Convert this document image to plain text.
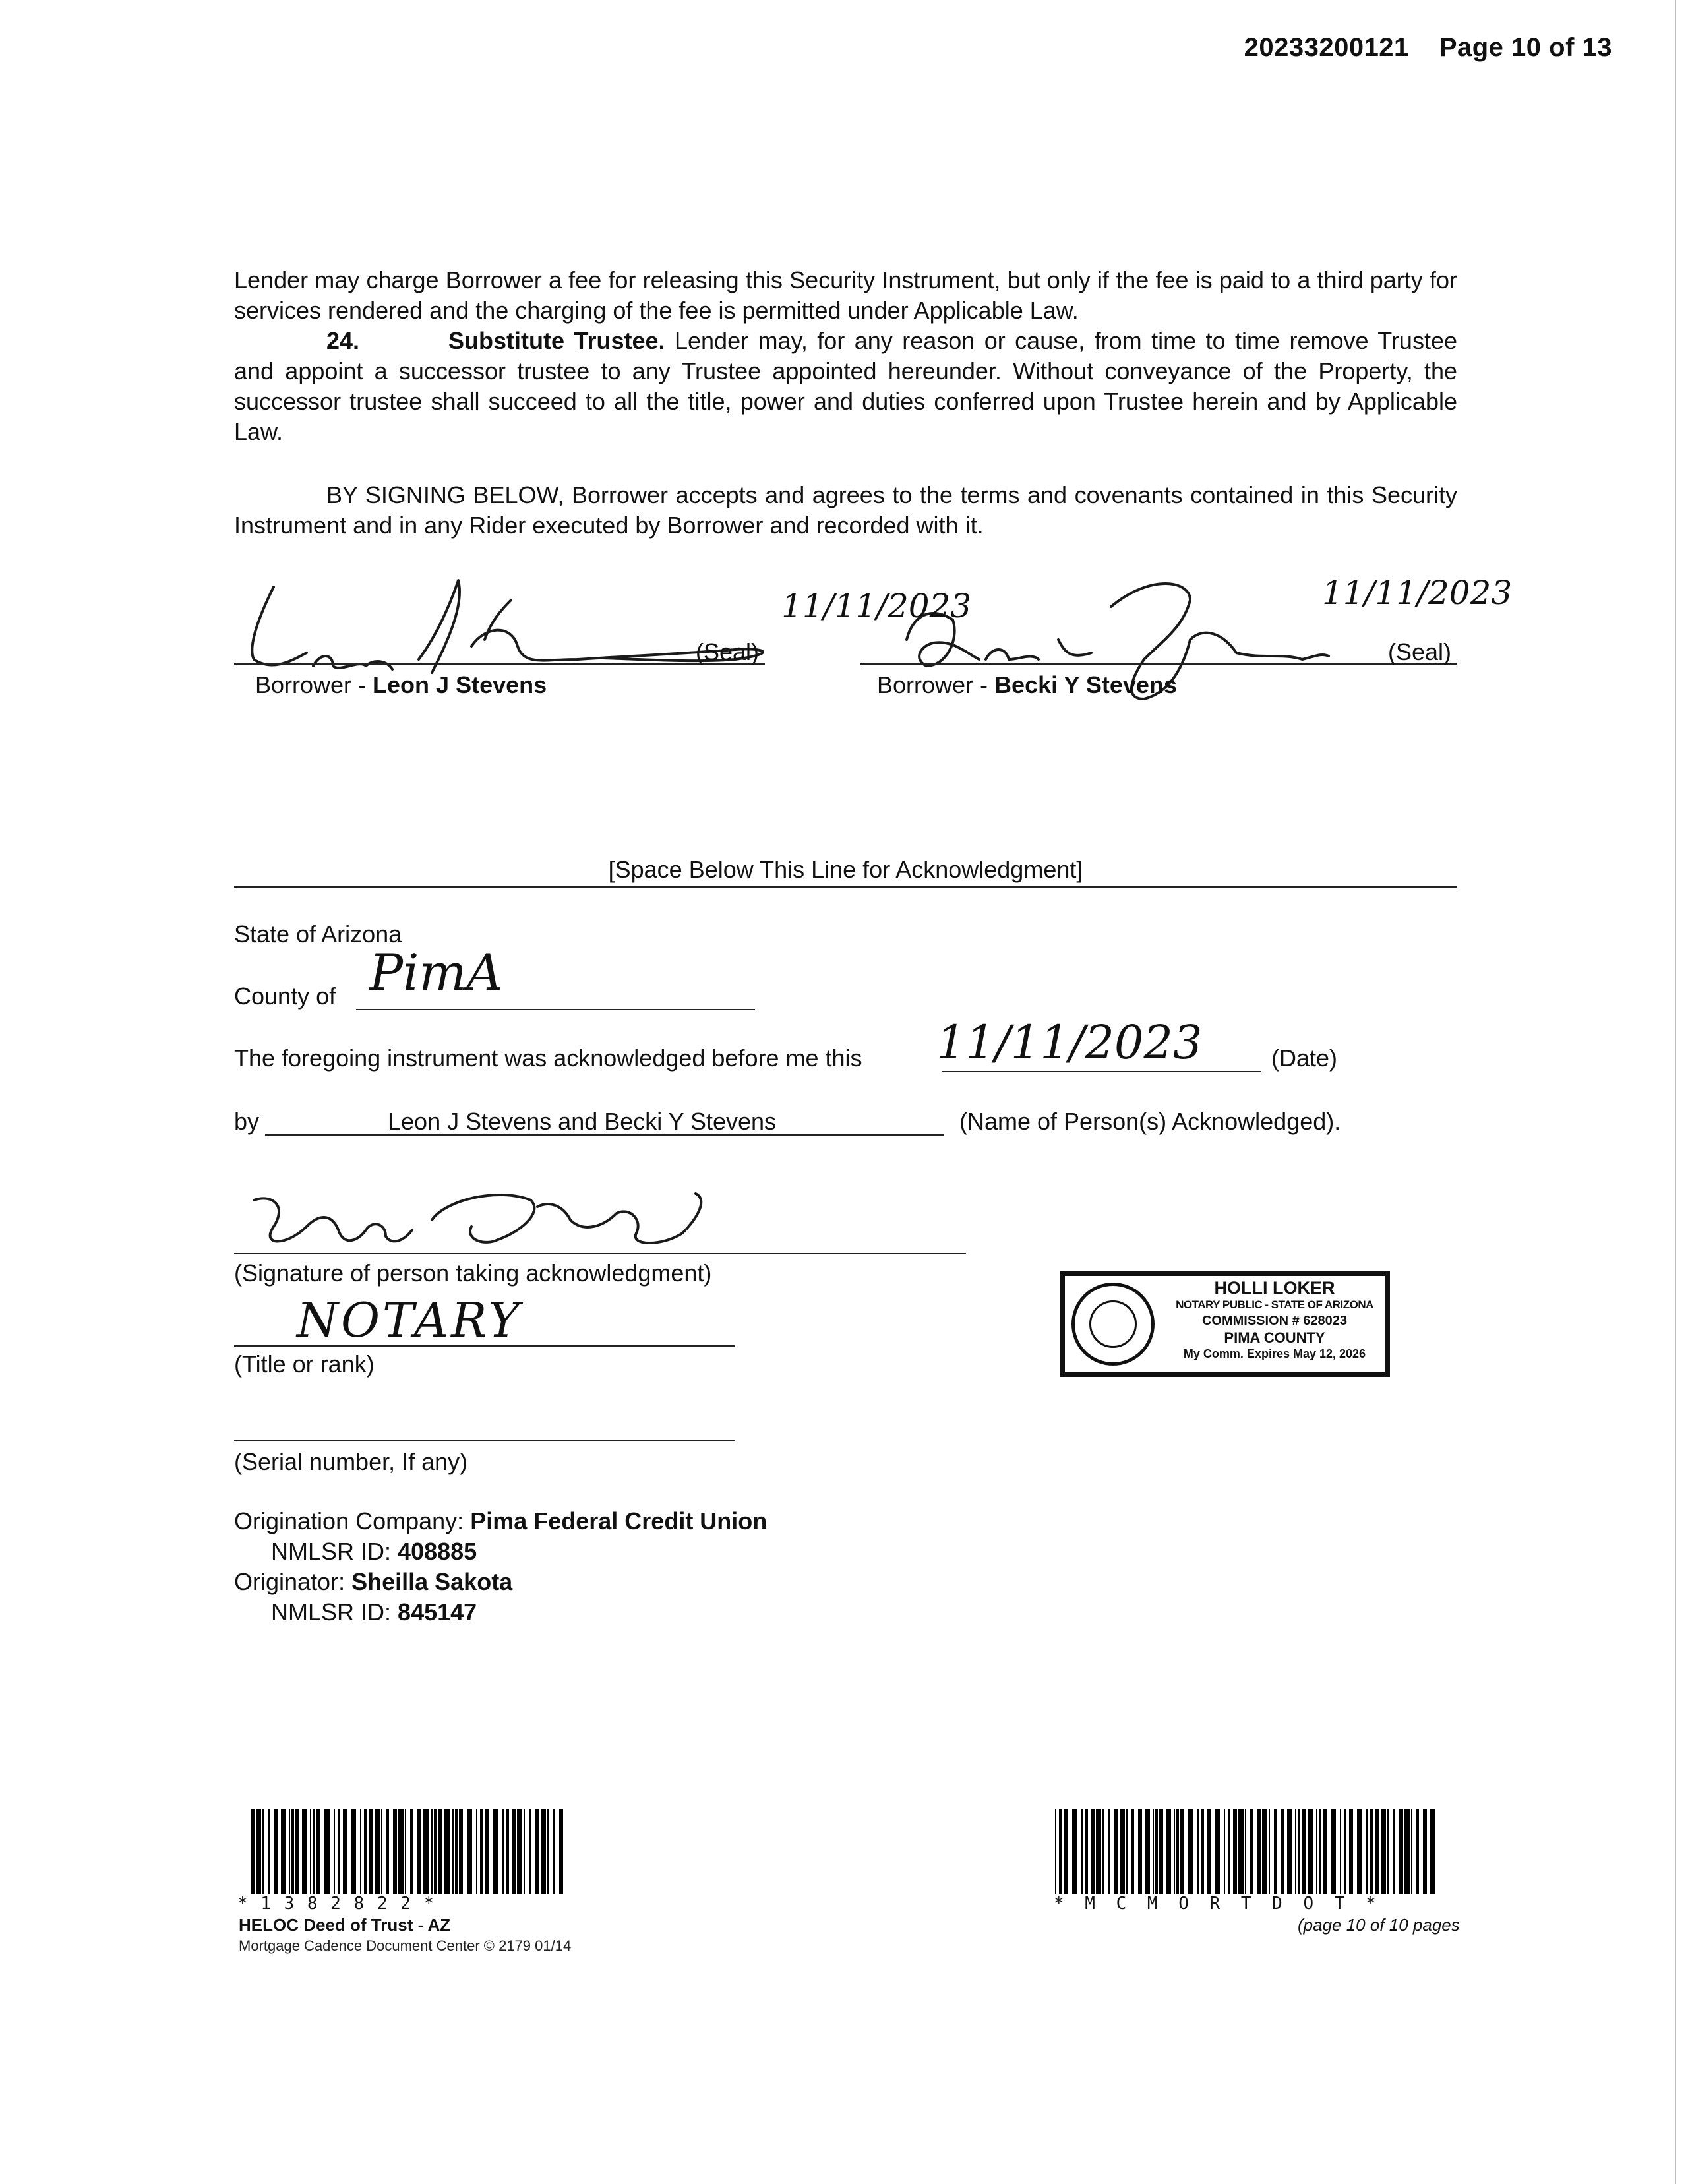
20233200121 Page 10 of 13
Lender may charge Borrower a fee for releasing this Security Instrument, but only if the fee is paid to a third party for services rendered and the charging of the fee is permitted under Applicable Law.
24.	Substitute Trustee. Lender may, for any reason or cause, from time to time remove Trustee and appoint a successor trustee to any Trustee appointed hereunder. Without conveyance of the Property, the successor trustee shall succeed to all the title, power and duties conferred upon Trustee herein and by Applicable Law.
BY SIGNING BELOW, Borrower accepts and agrees to the terms and covenants contained in this Security Instrument and in any Rider executed by Borrower and recorded with it.
(Seal)	(Seal)
11/11/2023	11/11/2023
Borrower - Leon J Stevens	Borrower - Becki Y Stevens
[Space Below This Line for Acknowledgment]
State of Arizona
County of PimA
The foregoing instrument was acknowledged before me this 11/11/2023	(Date)
by	Leon J Stevens and Becki Y Stevens	(Name of Person(s) Acknowledged).
(Signature of person taking acknowledgment)
NOTARY
(Title or rank)
(Serial number, If any)
HOLLI LOKER
NOTARY PUBLIC - STATE OF ARIZONA
COMMISSION # 628023
PIMA COUNTY
My Comm. Expires May 12, 2026
Origination Company: Pima Federal Credit Union
NMLSR ID: 408885
Originator: Sheilla Sakota
NMLSR ID: 845147
* 1 3 8 2 8 2 2 *
HELOC Deed of Trust - AZ
Mortgage Cadence Document Center © 2179 01/14
* M C M O R T D O T *
(page 10 of 10 pages
